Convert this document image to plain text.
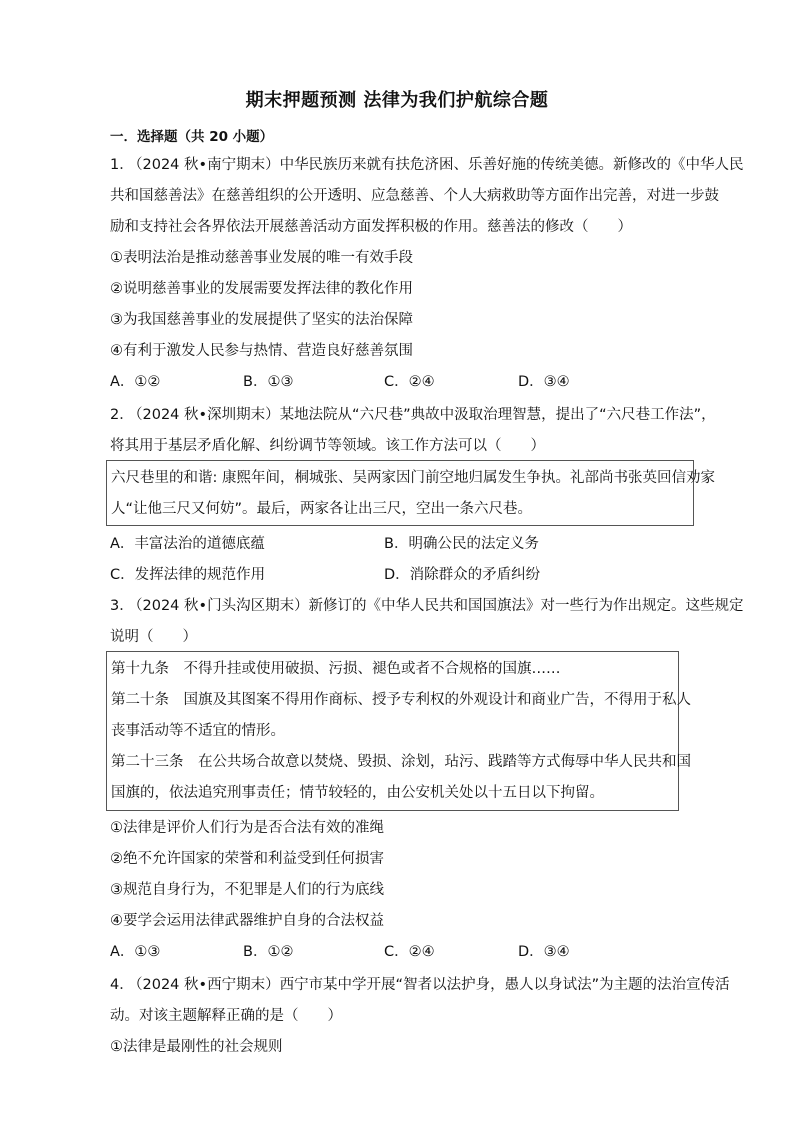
期末押题预测 法律为我们护航综合题
一．选择题（共 20 小题）
1．
（2024 秋•南宁期末）中华民族历来就有扶危济困、乐善好施的传统美德。新修改的《中华人民
共和国慈善法》在慈善组织的公开透明、应急慈善、个人大病救助等方面作出完善，对进一步鼓
励和支持社会各界依法开展慈善活动方面发挥积极的作用。慈善法的修改（　　）
①表明法治是推动慈善事业发展的唯一有效手段
②说明慈善事业的发展需要发挥法律的教化作用
③为我国慈善事业的发展提供了坚实的法治保障
④有利于激发人民参与热情、营造良好慈善氛围
A．①②	B．①③	C．②④	D．③④
2．
（2024 秋•深圳期末）某地法院从“六尺巷”典故中汲取治理智慧，提出了“六尺巷工作法”，
将其用于基层矛盾化解、纠纷调节等领域。该工作方法可以（　　）
六尺巷里的和谐: 康熙年间，桐城张、吴两家因门前空地归属发生争执。礼部尚书张英回信劝家
人“让他三尺又何妨”。最后，两家各让出三尺，空出一条六尺巷。
A．丰富法治的道德底蕴	B．明确公民的法定义务
C．发挥法律的规范作用	D．消除群众的矛盾纠纷
3．
（2024 秋•门头沟区期末）新修订的《中华人民共和国国旗法》对一些行为作出规定。这些规定
说明（　　）
第十九条　不得升挂或使用破损、污损、褪色或者不合规格的国旗……
第二十条　国旗及其图案不得用作商标、授予专利权的外观设计和商业广告，不得用于私人
丧事活动等不适宜的情形。
第二十三条　在公共场合故意以焚烧、毁损、涂划，玷污、践踏等方式侮辱中华人民共和国
国旗的，依法追究刑事责任；情节较轻的，由公安机关处以十五日以下拘留。
①法律是评价人们行为是否合法有效的准绳
②绝不允许国家的荣誉和利益受到任何损害
③规范自身行为，不犯罪是人们的行为底线
④要学会运用法律武器维护自身的合法权益
A．①③	B．①②	C．②④	D．③④
4．
（2024 秋•西宁期末）西宁市某中学开展“智者以法护身，愚人以身试法”为主题的法治宣传活
动。对该主题解释正确的是（　　）
①法律是最刚性的社会规则
